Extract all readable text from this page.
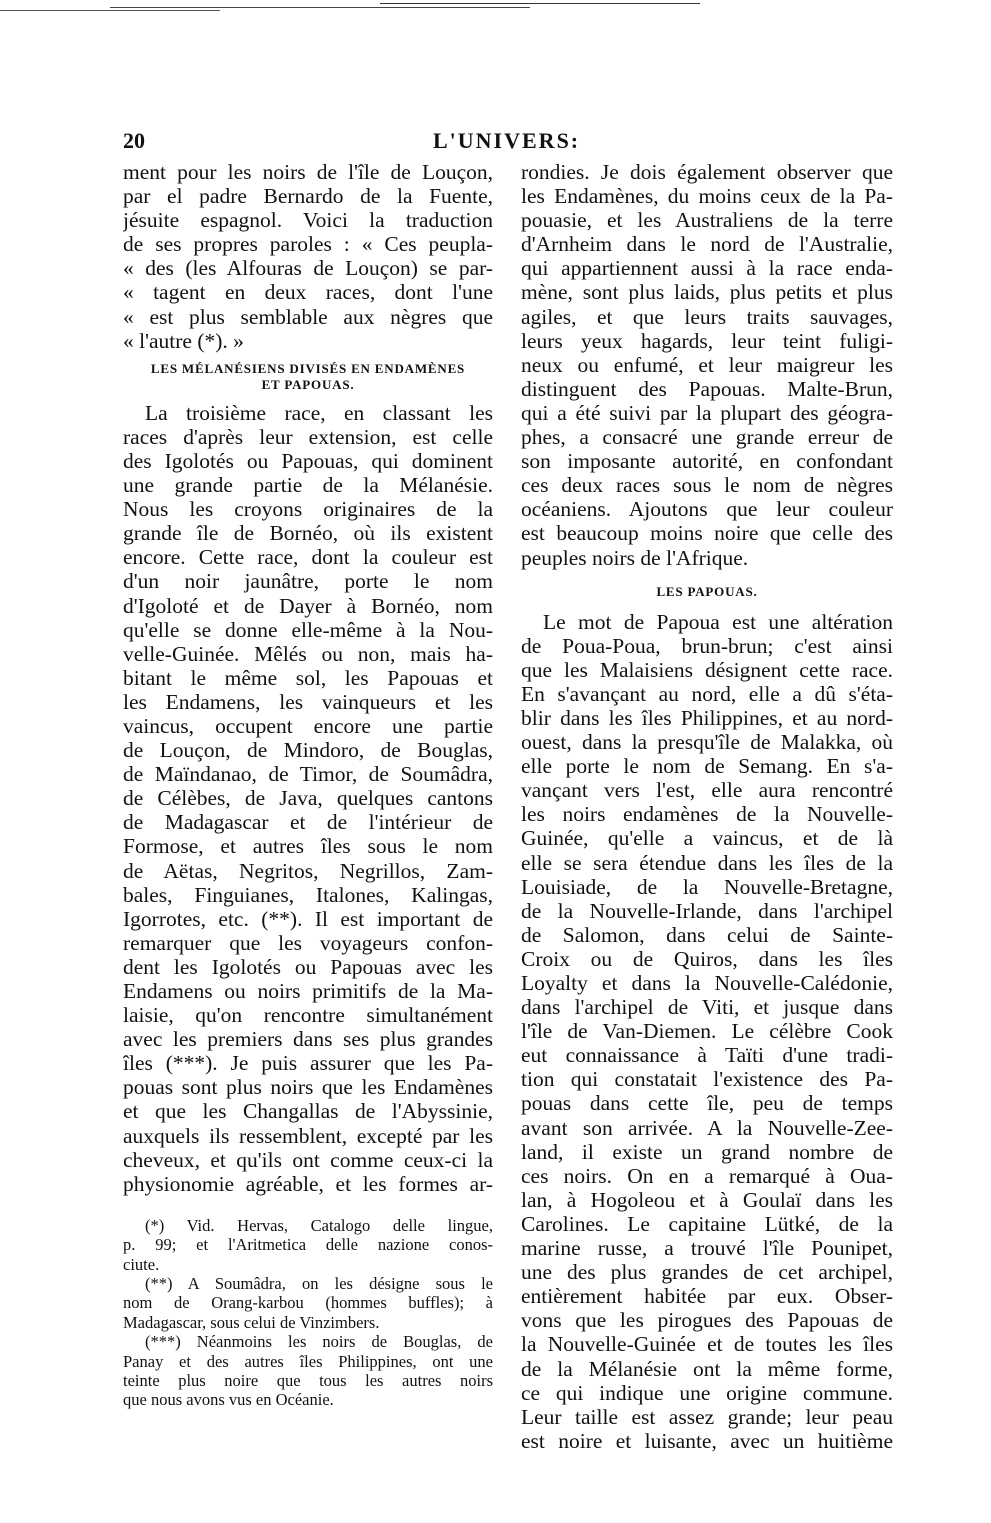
20	L'UNIVERS:
ment pour les noirs de l'île de Louçon,
par el padre Bernardo de la Fuente,
jésuite espagnol. Voici la traduction
de ses propres paroles : « Ces peupla-
« des (les Alfouras de Louçon) se par-
« tagent en deux races, dont l'une
« est plus semblable aux nègres que
« l'autre (*). »
LES MÉLANÉSIENS DIVISÉS EN ENDAMÈNES
ET PAPOUAS.
La troisième race, en classant les
races d'après leur extension, est celle
des Igolotés ou Papouas, qui dominent
une grande partie de la Mélanésie.
Nous les croyons originaires de la
grande île de Bornéo, où ils existent
encore. Cette race, dont la couleur est
d'un noir jaunâtre, porte le nom
d'Igoloté et de Dayer à Bornéo, nom
qu'elle se donne elle-même à la Nou-
velle-Guinée. Mêlés ou non, mais ha-
bitant le même sol, les Papouas et
les Endamens, les vainqueurs et les
vaincus, occupent encore une partie
de Louçon, de Mindoro, de Bouglas,
de Maïndanao, de Timor, de Soumâdra,
de Célèbes, de Java, quelques cantons
de Madagascar et de l'intérieur de
Formose, et autres îles sous le nom
de Aëtas, Negritos, Negrillos, Zam-
bales, Finguianes, Italones, Kalingas,
Igorrotes, etc. (**). Il est important de
remarquer que les voyageurs confon-
dent les Igolotés ou Papouas avec les
Endamens ou noirs primitifs de la Ma-
laisie, qu'on rencontre simultanément
avec les premiers dans ses plus grandes
îles (***). Je puis assurer que les Pa-
pouas sont plus noirs que les Endamènes
et que les Changallas de l'Abyssinie,
auxquels ils ressemblent, excepté par les
cheveux, et qu'ils ont comme ceux-ci la
physionomie agréable, et les formes ar-
(*) Vid. Hervas, Catalogo delle lingue,
p. 99; et l'Aritmetica delle nazione conos-
ciute.
(**) A Soumâdra, on les désigne sous le
nom de Orang-karbou (hommes buffles); à
Madagascar, sous celui de Vinzimbers.
(***) Néanmoins les noirs de Bouglas, de
Panay et des autres îles Philippines, ont une
teinte plus noire que tous les autres noirs
que nous avons vus en Océanie.
rondies. Je dois également observer que
les Endamènes, du moins ceux de la Pa-
pouasie, et les Australiens de la terre
d'Arnheim dans le nord de l'Australie,
qui appartiennent aussi à la race enda-
mène, sont plus laids, plus petits et plus
agiles, et que leurs traits sauvages,
leurs yeux hagards, leur teint fuligi-
neux ou enfumé, et leur maigreur les
distinguent des Papouas. Malte-Brun,
qui a été suivi par la plupart des géogra-
phes, a consacré une grande erreur de
son imposante autorité, en confondant
ces deux races sous le nom de nègres
océaniens. Ajoutons que leur couleur
est beaucoup moins noire que celle des
peuples noirs de l'Afrique.
LES PAPOUAS.
Le mot de Papoua est une altération
de Poua-Poua, brun-brun; c'est ainsi
que les Malaisiens désignent cette race.
En s'avançant au nord, elle a dû s'éta-
blir dans les îles Philippines, et au nord-
ouest, dans la presqu'île de Malakka, où
elle porte le nom de Semang. En s'a-
vançant vers l'est, elle aura rencontré
les noirs endamènes de la Nouvelle-
Guinée, qu'elle a vaincus, et de là
elle se sera étendue dans les îles de la
Louisiade, de la Nouvelle-Bretagne,
de la Nouvelle-Irlande, dans l'archipel
de Salomon, dans celui de Sainte-
Croix ou de Quiros, dans les îles
Loyalty et dans la Nouvelle-Calédonie,
dans l'archipel de Viti, et jusque dans
l'île de Van-Diemen. Le célèbre Cook
eut connaissance à Taïti d'une tradi-
tion qui constatait l'existence des Pa-
pouas dans cette île, peu de temps
avant son arrivée. A la Nouvelle-Zee-
land, il existe un grand nombre de
ces noirs. On en a remarqué à Oua-
lan, à Hogoleou et à Goulaï dans les
Carolines. Le capitaine Lütké, de la
marine russe, a trouvé l'île Pounipet,
une des plus grandes de cet archipel,
entièrement habitée par eux. Obser-
vons que les pirogues des Papouas de
la Nouvelle-Guinée et de toutes les îles
de la Mélanésie ont la même forme,
ce qui indique une origine commune.
Leur taille est assez grande; leur peau
est noire et luisante, avec un huitième
